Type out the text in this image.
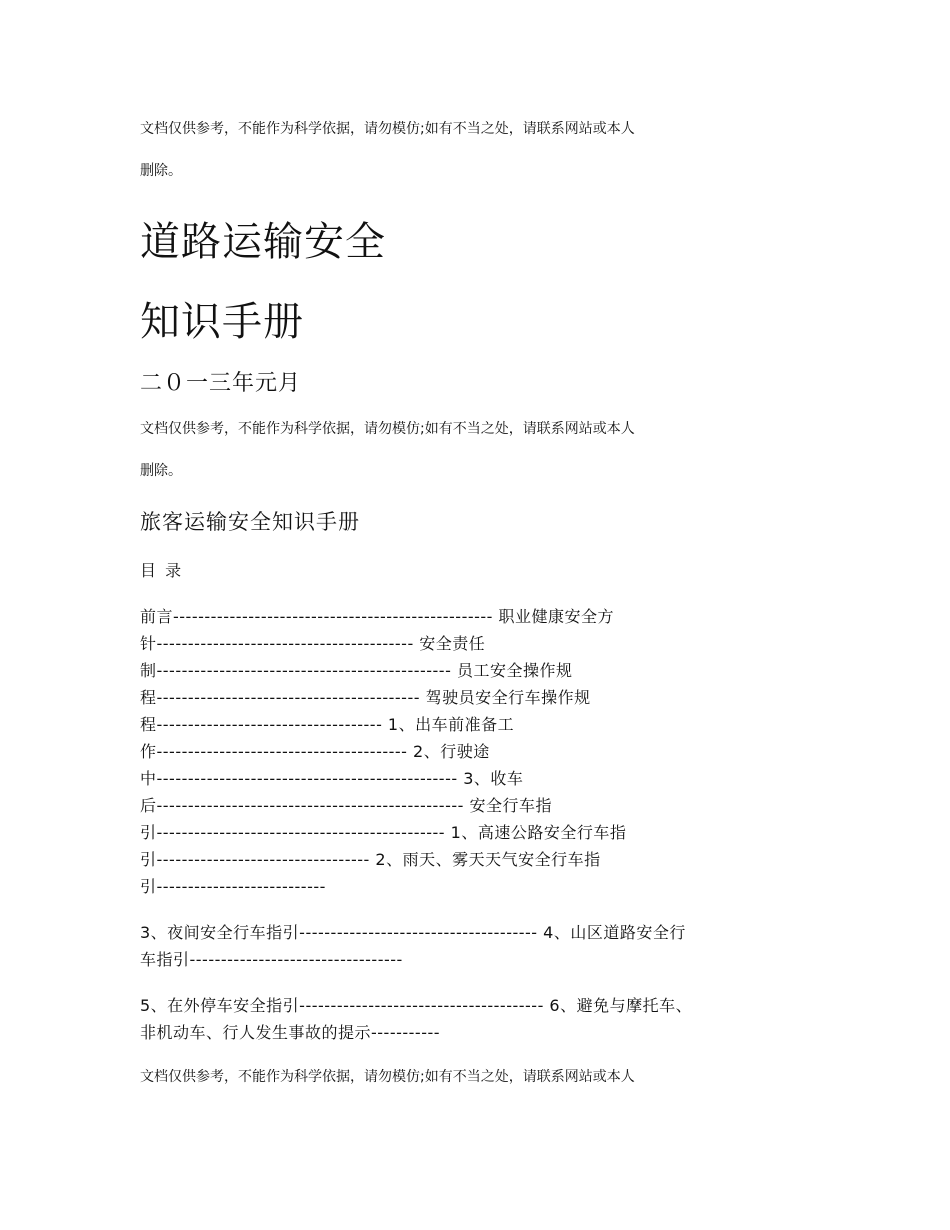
文档仅供参考，不能作为科学依据，请勿模仿;如有不当之处，请联系网站或本人

删除。

道路运输安全
知识手册

二０一三年元月

文档仅供参考，不能作为科学依据，请勿模仿;如有不当之处，请联系网站或本人

删除。

旅客运输安全知识手册

目 录

前言--------------------------------------------------- 职业健康安全方

针----------------------------------------- 安全责任

制----------------------------------------------- 员工安全操作规

程------------------------------------------ 驾驶员安全行车操作规

程------------------------------------ 1、出车前准备工

作---------------------------------------- 2、行驶途

中------------------------------------------------ 3、收车

后------------------------------------------------- 安全行车指

引---------------------------------------------- 1、高速公路安全行车指

引---------------------------------- 2、雨天、雾天天气安全行车指

引---------------------------

3、夜间安全行车指引-------------------------------------- 4、山区道路安全行

车指引----------------------------------

5、在外停车安全指引--------------------------------------- 6、避免与摩托车、

非机动车、行人发生事故的提示-----------

文档仅供参考，不能作为科学依据，请勿模仿;如有不当之处，请联系网站或本人
